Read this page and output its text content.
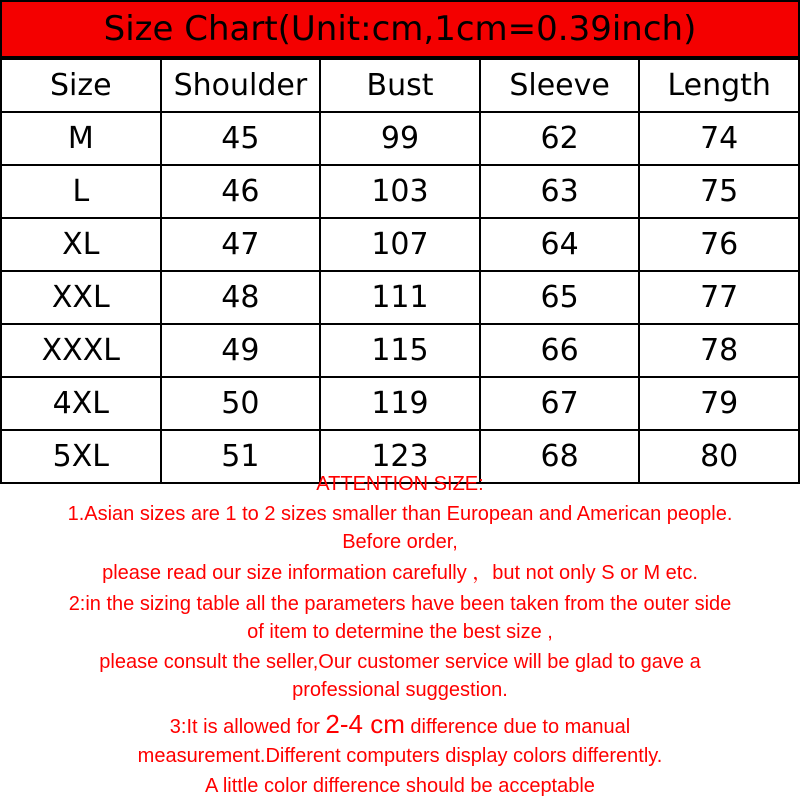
Size Chart(Unit:cm,1cm=0.39inch)
Size	Shoulder	Bust	Sleeve	Length
M	45	99	62	74
L	46	103	63	75
XL	47	107	64	76
XXL	48	111	65	77
XXXL	49	115	66	78
4XL	50	119	67	79
5XL	51	123	68	80
ATTENTION SIZE:
1.Asian sizes are 1 to 2 sizes smaller than European and American people.
Before order,
please read our size information carefully ，but not only S or M etc.
2:in the sizing table all the parameters have been taken from the outer side
of item to determine the best size ,
please consult the seller,Our customer service will be glad to gave a
professional suggestion.
3:It is allowed for 2-4 cm difference due to manual
measurement.Different computers display colors differently.
A little color difference should be acceptable
